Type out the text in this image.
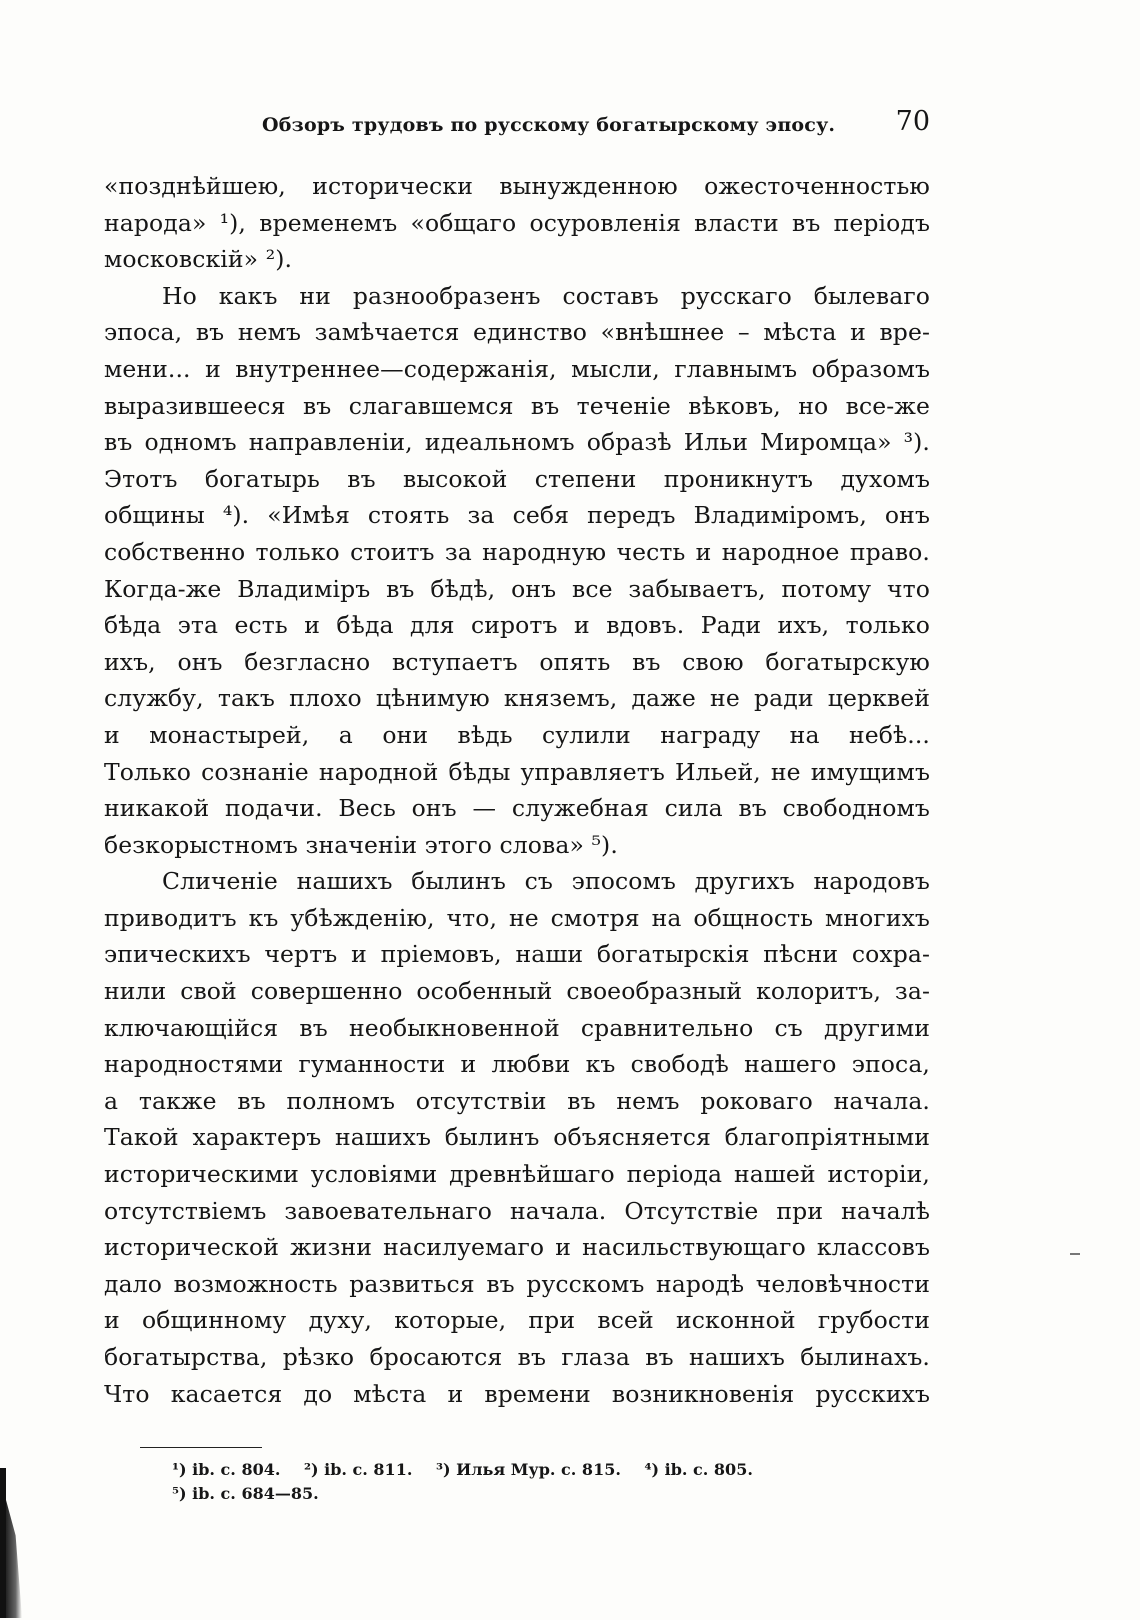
Обзоръ трудовъ по русскому богатырскому эпосу. 70
«позднѣйшею, исторически вынужденною ожесточенностью
народа» ¹), временемъ «общаго осуровленія власти въ періодъ
московскій» ²).
Но какъ ни разнообразенъ составъ русскаго былеваго
эпоса, въ немъ замѣчается единство «внѣшнее – мѣста и вре-
мени... и внутреннее—содержанія, мысли, главнымъ образомъ
выразившееся въ слагавшемся въ теченіе вѣковъ, но все-же
въ одномъ направленіи, идеальномъ образѣ Ильи Миромца» ³).
Этотъ богатырь въ высокой степени проникнутъ духомъ
общины ⁴). «Имѣя стоять за себя передъ Владиміромъ, онъ
собственно только стоитъ за народную честь и народное право.
Когда-же Владиміръ въ бѣдѣ, онъ все забываетъ, потому что
бѣда эта есть и бѣда для сиротъ и вдовъ. Ради ихъ, только
ихъ, онъ безгласно вступаетъ опять въ свою богатырскую
службу, такъ плохо цѣнимую княземъ, даже не ради церквей
и монастырей, а они вѣдь сулили награду на небѣ...
Только сознаніе народной бѣды управляетъ Ильей, не имущимъ
никакой подачи. Весь онъ — служебная сила въ свободномъ
безкорыстномъ значеніи этого слова» ⁵).
Сличеніе нашихъ былинъ съ эпосомъ другихъ народовъ
приводитъ къ убѣжденію, что, не смотря на общность многихъ
эпическихъ чертъ и пріемовъ, наши богатырскія пѣсни сохра-
нили свой совершенно особенный своеобразный колоритъ, за-
ключающійся въ необыкновенной сравнительно съ другими
народностями гуманности и любви къ свободѣ нашего эпоса,
а также въ полномъ отсутствіи въ немъ роковаго начала.
Такой характеръ нашихъ былинъ объясняется благопріятными
историческими условіями древнѣйшаго періода нашей исторіи,
отсутствіемъ завоевательнаго начала. Отсутствіе при началѣ
исторической жизни насилуемаго и насильствующаго классовъ
дало возможность развиться въ русскомъ народѣ человѣчности
и общинному духу, которые, при всей исконной грубости
богатырства, рѣзко бросаются въ глаза въ нашихъ былинахъ.
Что касается до мѣста и времени возникновенія русскихъ
¹) ib. c. 804. ²) ib. c. 811. ³) Илья Мур. с. 815. ⁴) ib. c. 805.
⁵) ib. c. 684—85.
